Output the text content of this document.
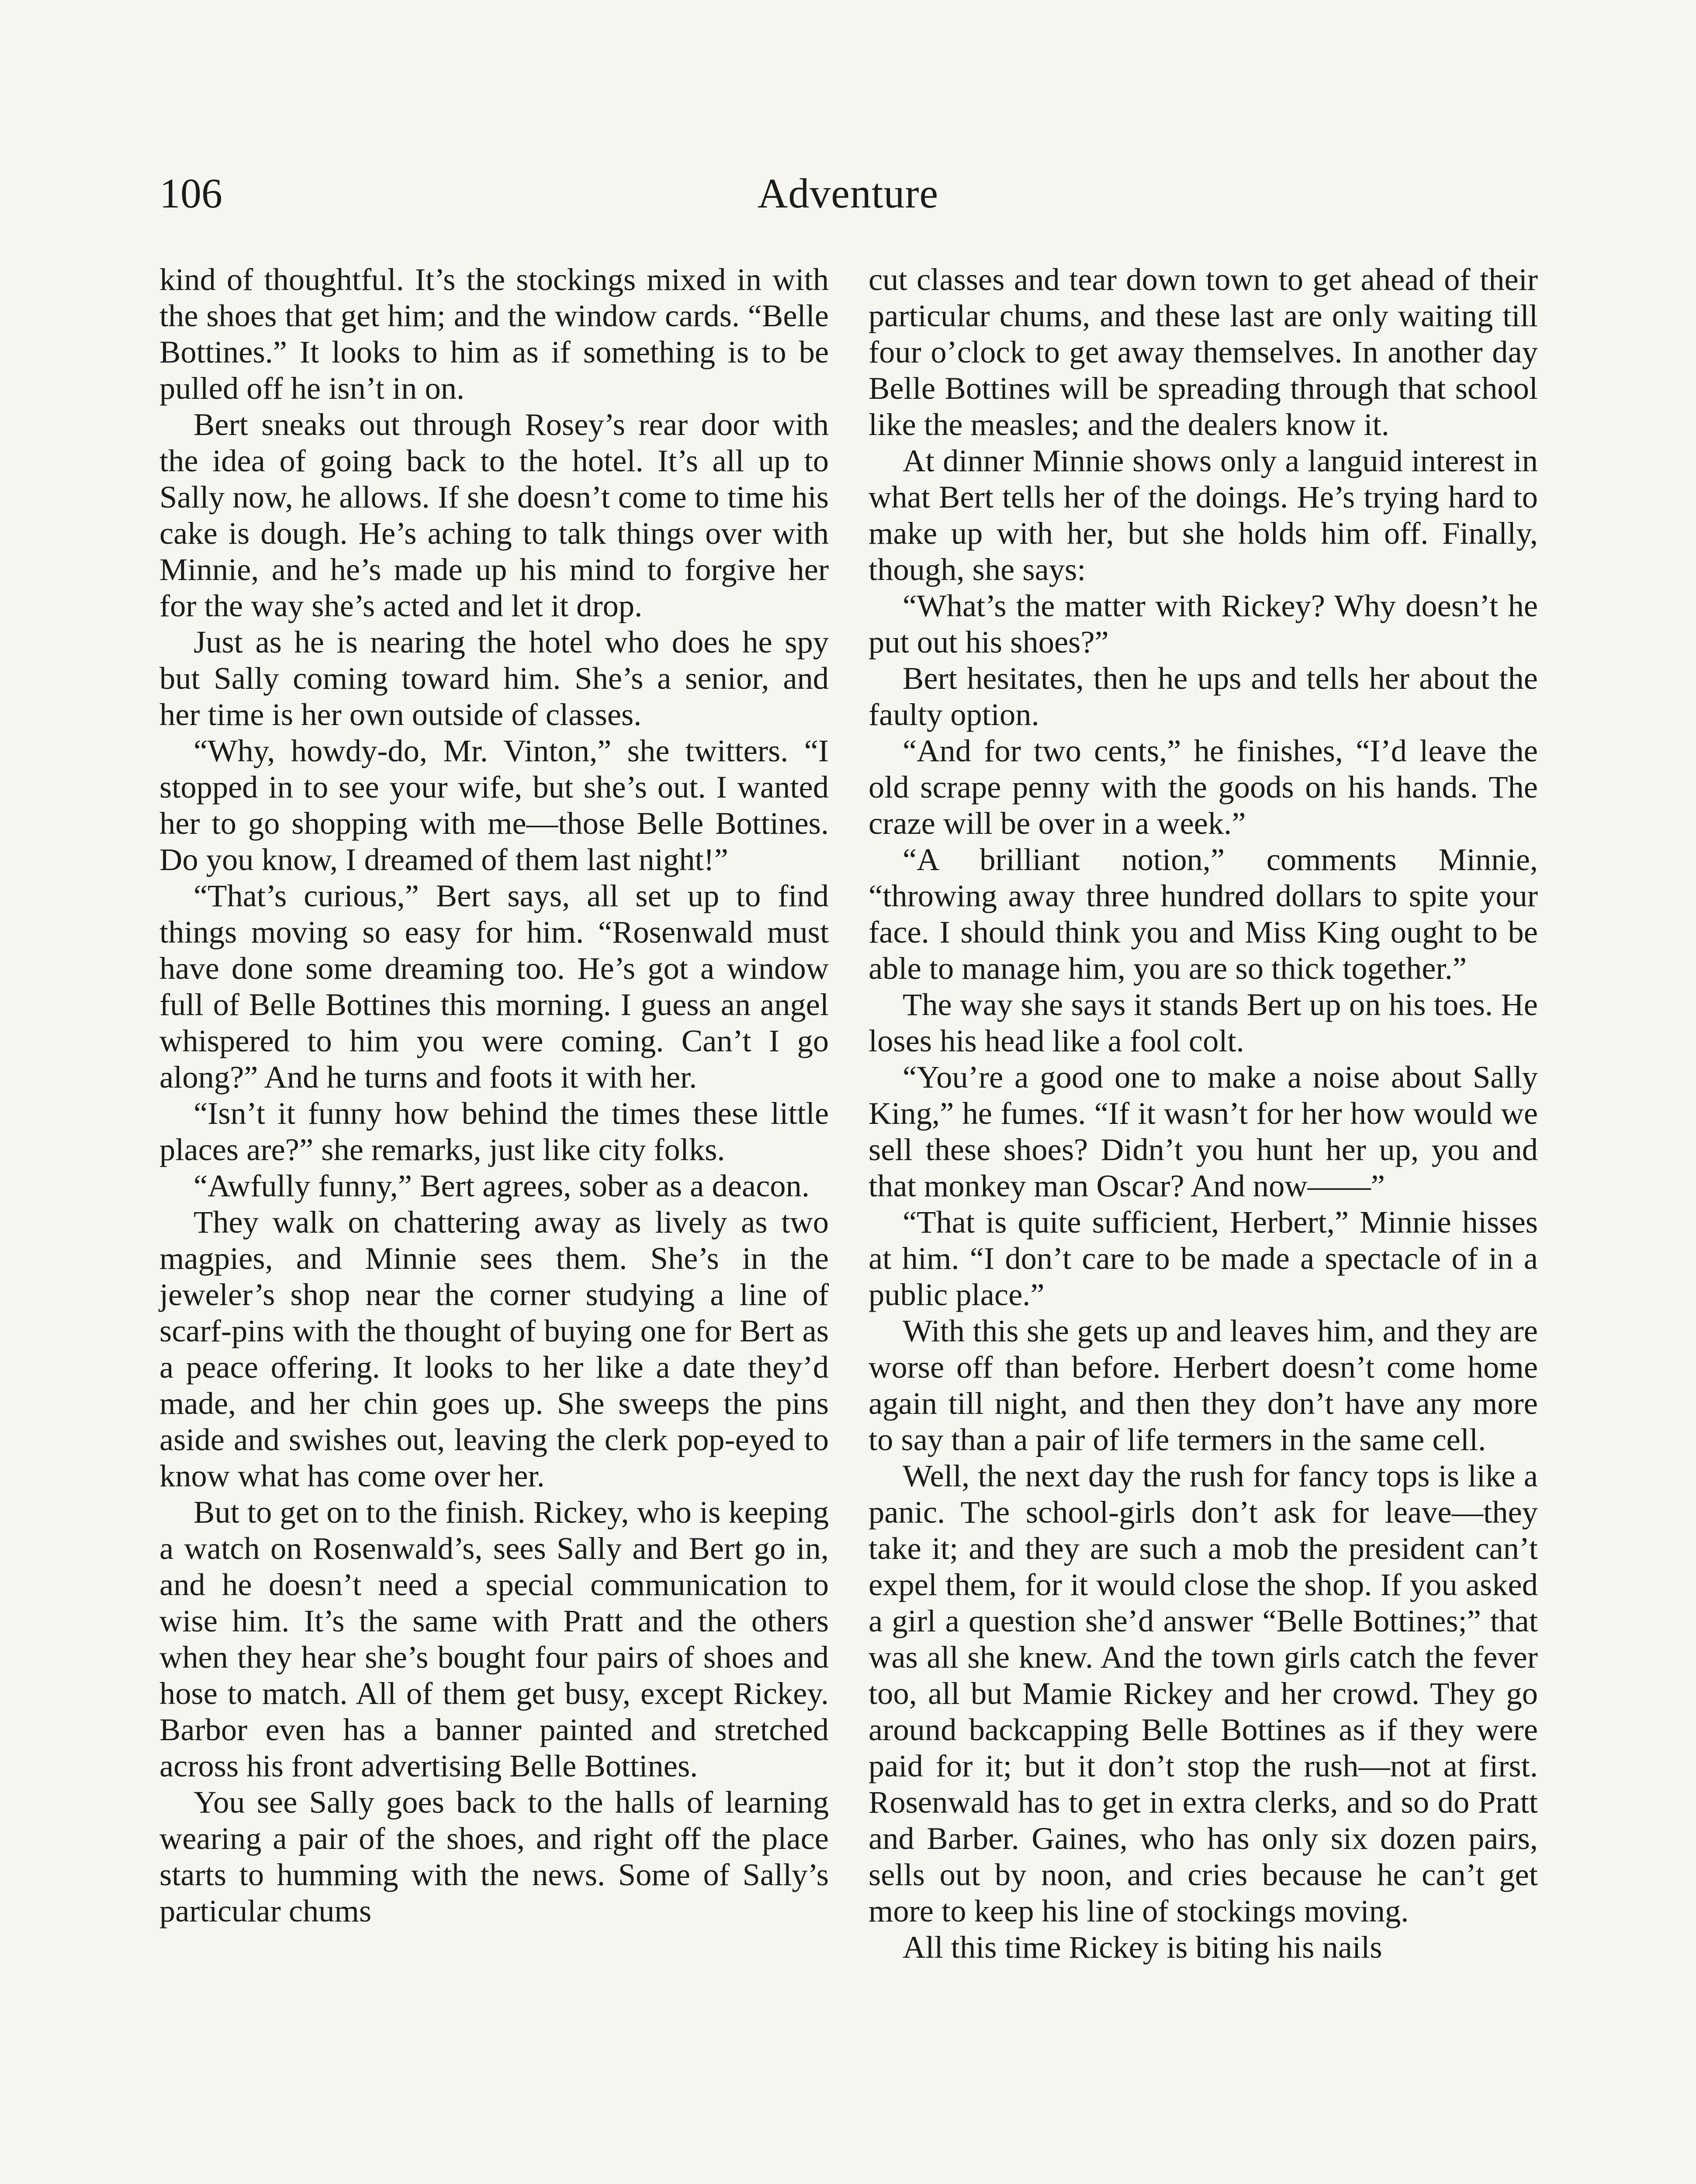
106	Adventure

kind of thoughtful. It’s the stockings mixed in with the shoes that get him; and the window cards. “Belle Bottines.” It looks to him as if something is to be pulled off he isn’t in on.

Bert sneaks out through Rosey’s rear door with the idea of going back to the hotel. It’s all up to Sally now, he allows. If she doesn’t come to time his cake is dough. He’s aching to talk things over with Minnie, and he’s made up his mind to forgive her for the way she’s acted and let it drop.

Just as he is nearing the hotel who does he spy but Sally coming toward him. She’s a senior, and her time is her own outside of classes.

“Why, howdy-do, Mr. Vinton,” she twitters. “I stopped in to see your wife, but she’s out. I wanted her to go shopping with me—those Belle Bottines. Do you know, I dreamed of them last night!”

“That’s curious,” Bert says, all set up to find things moving so easy for him. “Rosenwald must have done some dreaming too. He’s got a window full of Belle Bottines this morning. I guess an angel whispered to him you were coming. Can’t I go along?” And he turns and foots it with her.

“Isn’t it funny how behind the times these little places are?” she remarks, just like city folks.

“Awfully funny,” Bert agrees, sober as a deacon.

They walk on chattering away as lively as two magpies, and Minnie sees them. She’s in the jeweler’s shop near the corner studying a line of scarf-pins with the thought of buying one for Bert as a peace offering. It looks to her like a date they’d made, and her chin goes up. She sweeps the pins aside and swishes out, leaving the clerk pop-eyed to know what has come over her.

But to get on to the finish. Rickey, who is keeping a watch on Rosenwald’s, sees Sally and Bert go in, and he doesn’t need a special communication to wise him. It’s the same with Pratt and the others when they hear she’s bought four pairs of shoes and hose to match. All of them get busy, except Rickey. Barbor even has a banner painted and stretched across his front advertising Belle Bottines.

You see Sally goes back to the halls of learning wearing a pair of the shoes, and right off the place starts to humming with the news. Some of Sally’s particular chums

cut classes and tear down town to get ahead of their particular chums, and these last are only waiting till four o’clock to get away themselves. In another day Belle Bottines will be spreading through that school like the measles; and the dealers know it.

At dinner Minnie shows only a languid interest in what Bert tells her of the doings. He’s trying hard to make up with her, but she holds him off. Finally, though, she says:

“What’s the matter with Rickey? Why doesn’t he put out his shoes?”

Bert hesitates, then he ups and tells her about the faulty option.

“And for two cents,” he finishes, “I’d leave the old scrape penny with the goods on his hands. The craze will be over in a week.”

“A brilliant notion,” comments Minnie, “throwing away three hundred dollars to spite your face. I should think you and Miss King ought to be able to manage him, you are so thick together.”

The way she says it stands Bert up on his toes. He loses his head like a fool colt.

“You’re a good one to make a noise about Sally King,” he fumes. “If it wasn’t for her how would we sell these shoes? Didn’t you hunt her up, you and that monkey man Oscar? And now——”

“That is quite sufficient, Herbert,” Minnie hisses at him. “I don’t care to be made a spectacle of in a public place.”

With this she gets up and leaves him, and they are worse off than before. Herbert doesn’t come home again till night, and then they don’t have any more to say than a pair of life termers in the same cell.

Well, the next day the rush for fancy tops is like a panic. The school-girls don’t ask for leave—they take it; and they are such a mob the president can’t expel them, for it would close the shop. If you asked a girl a question she’d answer “Belle Bottines;” that was all she knew. And the town girls catch the fever too, all but Mamie Rickey and her crowd. They go around backcapping Belle Bottines as if they were paid for it; but it don’t stop the rush—not at first. Rosenwald has to get in extra clerks, and so do Pratt and Barber. Gaines, who has only six dozen pairs, sells out by noon, and cries because he can’t get more to keep his line of stockings moving.

All this time Rickey is biting his nails
